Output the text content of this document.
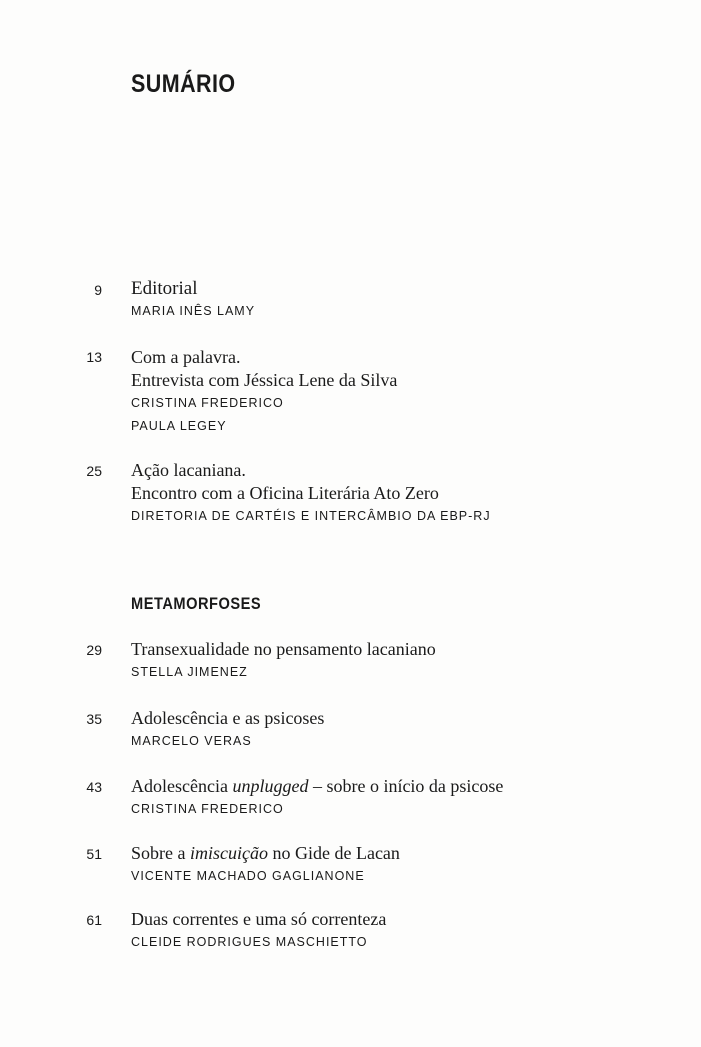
SUMÁRIO
9 Editorial
MARIA INÊS LAMY
13 Com a palavra.
Entrevista com Jéssica Lene da Silva
CRISTINA FREDERICO
PAULA LEGEY
25 Ação lacaniana.
Encontro com a Oficina Literária Ato Zero
DIRETORIA DE CARTÉIS E INTERCÂMBIO DA EBP-RJ
METAMORFOSES
29 Transexualidade no pensamento lacaniano
STELLA JIMENEZ
35 Adolescência e as psicoses
MARCELO VERAS
43 Adolescência unplugged – sobre o início da psicose
CRISTINA FREDERICO
51 Sobre a imiscuição no Gide de Lacan
VICENTE MACHADO GAGLIANONE
61 Duas correntes e uma só correnteza
CLEIDE RODRIGUES MASCHIETTO
